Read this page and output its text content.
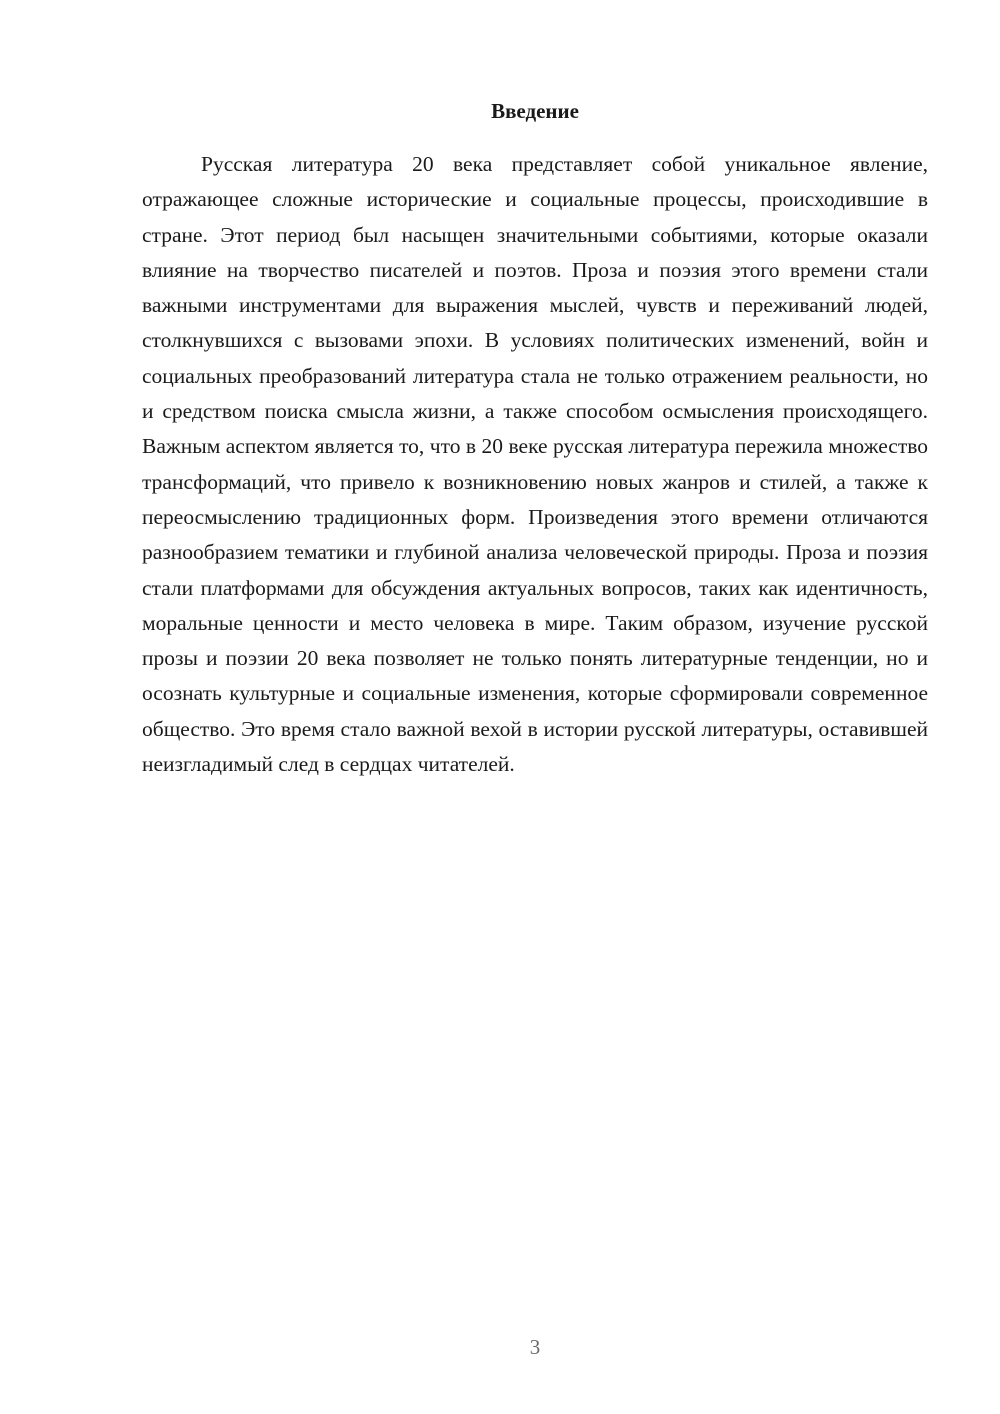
Введение

Русская литература 20 века представляет собой уникальное явление, отражающее сложные исторические и социальные процессы, происходившие в стране. Этот период был насыщен значительными событиями, которые оказали влияние на творчество писателей и поэтов. Проза и поэзия этого времени стали важными инструментами для выражения мыслей, чувств и переживаний людей, столкнувшихся с вызовами эпохи. В условиях политических изменений, войн и социальных преобразований литература стала не только отражением реальности, но и средством поиска смысла жизни, а также способом осмысления происходящего. Важным аспектом является то, что в 20 веке русская литература пережила множество трансформаций, что привело к возникновению новых жанров и стилей, а также к переосмыслению традиционных форм. Произведения этого времени отличаются разнообразием тематики и глубиной анализа человеческой природы. Проза и поэзия стали платформами для обсуждения актуальных вопросов, таких как идентичность, моральные ценности и место человека в мире. Таким образом, изучение русской прозы и поэзии 20 века позволяет не только понять литературные тенденции, но и осознать культурные и социальные изменения, которые сформировали современное общество. Это время стало важной вехой в истории русской литературы, оставившей неизгладимый след в сердцах читателей.

3
